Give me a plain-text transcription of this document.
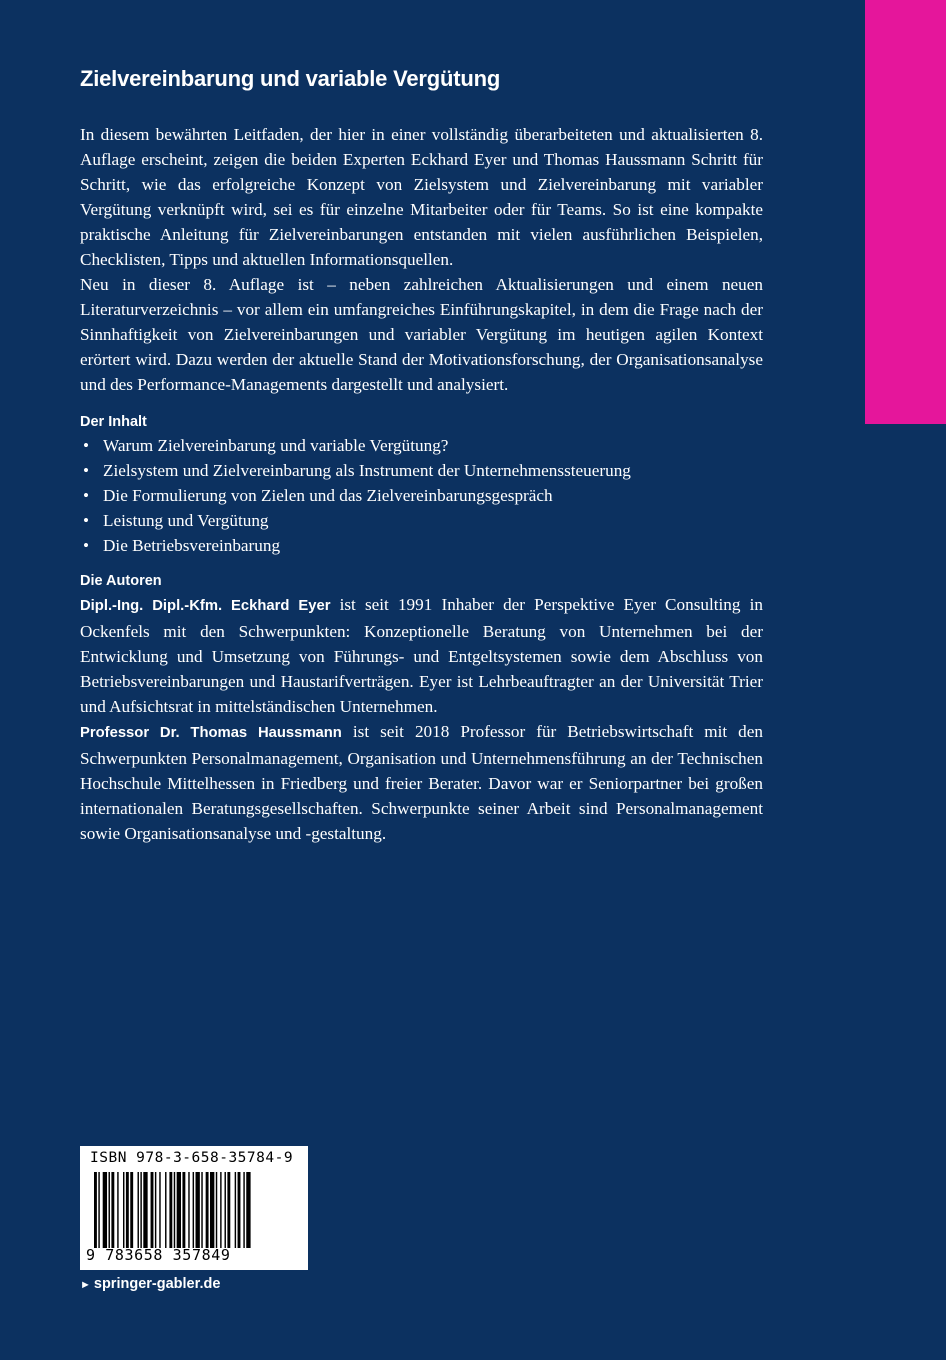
Zielvereinbarung und variable Vergütung

In diesem bewährten Leitfaden, der hier in einer vollständig überarbeiteten und aktualisierten 8. Auflage erscheint, zeigen die beiden Experten Eckhard Eyer und Thomas Haussmann Schritt für Schritt, wie das erfolgreiche Konzept von Zielsystem und Zielvereinbarung mit variabler Vergütung verknüpft wird, sei es für einzelne Mitarbeiter oder für Teams. So ist eine kompakte praktische Anleitung für Zielvereinbarungen entstanden mit vielen ausführlichen Beispielen, Checklisten, Tipps und aktuellen Informationsquellen.

Neu in dieser 8. Auflage ist – neben zahlreichen Aktualisierungen und einem neuen Literaturverzeichnis – vor allem ein umfangreiches Einführungskapitel, in dem die Frage nach der Sinnhaftigkeit von Zielvereinbarungen und variabler Vergütung im heutigen agilen Kontext erörtert wird. Dazu werden der aktuelle Stand der Motivationsforschung, der Organisationsanalyse und des Performance-Managements dargestellt und analysiert.

Der Inhalt
• Warum Zielvereinbarung und variable Vergütung?
• Zielsystem und Zielvereinbarung als Instrument der Unternehmenssteuerung
• Die Formulierung von Zielen und das Zielvereinbarungsgespräch
• Leistung und Vergütung
• Die Betriebsvereinbarung
Die Autoren

Dipl.-Ing. Dipl.-Kfm. Eckhard Eyer ist seit 1991 Inhaber der Perspektive Eyer Consulting in Ockenfels mit den Schwerpunkten: Konzeptionelle Beratung von Unternehmen bei der Entwicklung und Umsetzung von Führungs- und Entgeltsystemen sowie dem Abschluss von Betriebsvereinbarungen und Haustarifverträgen. Eyer ist Lehrbeauftragter an der Universität Trier und Aufsichtsrat in mittelständischen Unternehmen.

Professor Dr. Thomas Haussmann ist seit 2018 Professor für Betriebswirtschaft mit den Schwerpunkten Personalmanagement, Organisation und Unternehmensführung an der Technischen Hochschule Mittelhessen in Friedberg und freier Berater. Davor war er Seniorpartner bei großen internationalen Beratungsgesellschaften. Schwerpunkte seiner Arbeit sind Personalmanagement sowie Organisationsanalyse und -gestaltung.

ISBN 978-3-658-35784-9
9 783658 357849
► springer-gabler.de
